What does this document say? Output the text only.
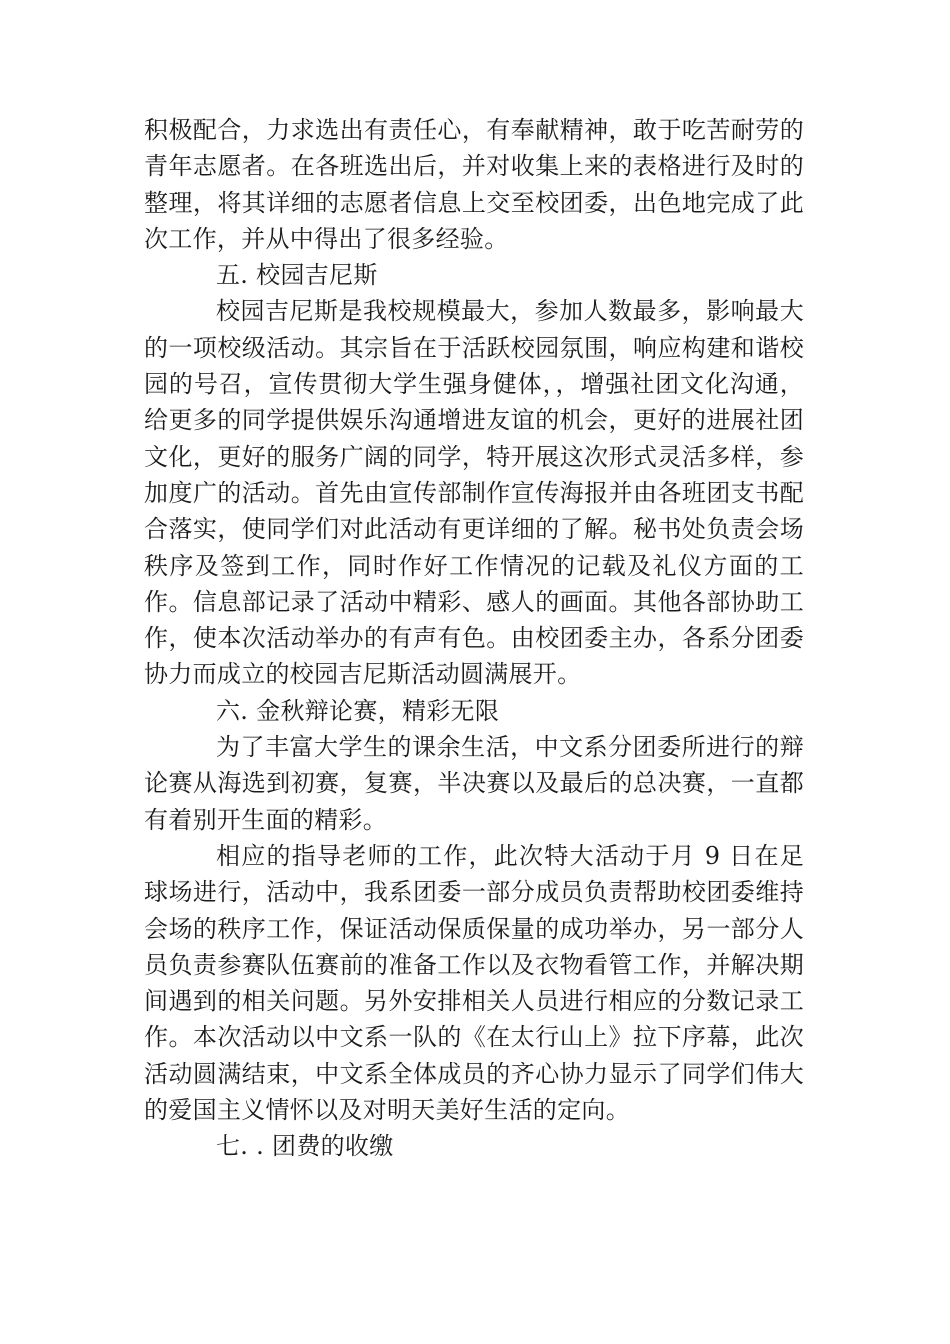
积极配合，力求选出有责任心，有奉献精神，敢于吃苦耐劳的青年志愿者。在各班选出后，并对收集上来的表格进行及时的整理，将其详细的志愿者信息上交至校团委，出色地完成了此次工作，并从中得出了很多经验。

五. 校园吉尼斯

校园吉尼斯是我校规模最大，参加人数最多，影响最大的一项校级活动。其宗旨在于活跃校园氛围，响应构建和谐校园的号召，宣传贯彻大学生强身健体，，增强社团文化沟通，给更多的同学提供娱乐沟通增进友谊的机会，更好的进展社团文化，更好的服务广阔的同学，特开展这次形式灵活多样，参加度广的活动。首先由宣传部制作宣传海报并由各班团支书配合落实，使同学们对此活动有更详细的了解。秘书处负责会场秩序及签到工作，同时作好工作情况的记载及礼仪方面的工作。信息部记录了活动中精彩、感人的画面。其他各部协助工作，使本次活动举办的有声有色。由校团委主办，各系分团委协力而成立的校园吉尼斯活动圆满展开。

六. 金秋辩论赛，精彩无限

为了丰富大学生的课余生活，中文系分团委所进行的辩论赛从海选到初赛，复赛，半决赛以及最后的总决赛，一直都有着别开生面的精彩。

相应的指导老师的工作，此次特大活动于月 9 日在足球场进行，活动中，我系团委一部分成员负责帮助校团委维持会场的秩序工作，保证活动保质保量的成功举办，另一部分人员负责参赛队伍赛前的准备工作以及衣物看管工作，并解决期间遇到的相关问题。另外安排相关人员进行相应的分数记录工作。本次活动以中文系一队的《在太行山上》拉下序幕，此次活动圆满结束，中文系全体成员的齐心协力显示了同学们伟大的爱国主义情怀以及对明天美好生活的定向。

七. . 团费的收缴
